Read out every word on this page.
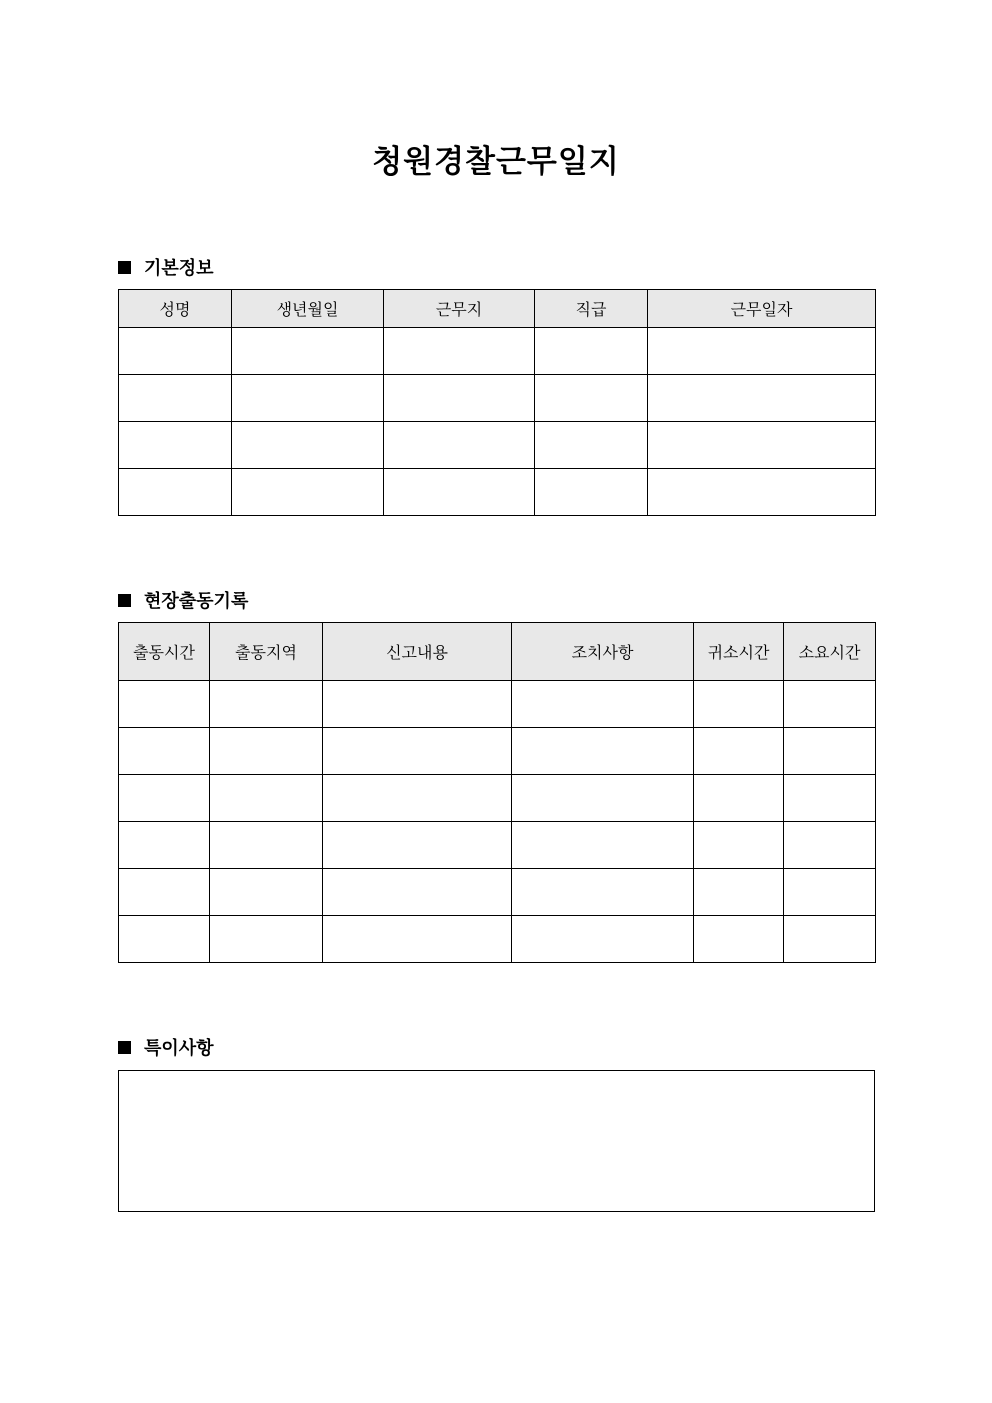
청원경찰근무일지
기본정보
성명	생년월일	근무지	직급	근무일자

현장출동기록
출동시간	출동지역	신고내용	조치사항	귀소시간	소요시간

특이사항
